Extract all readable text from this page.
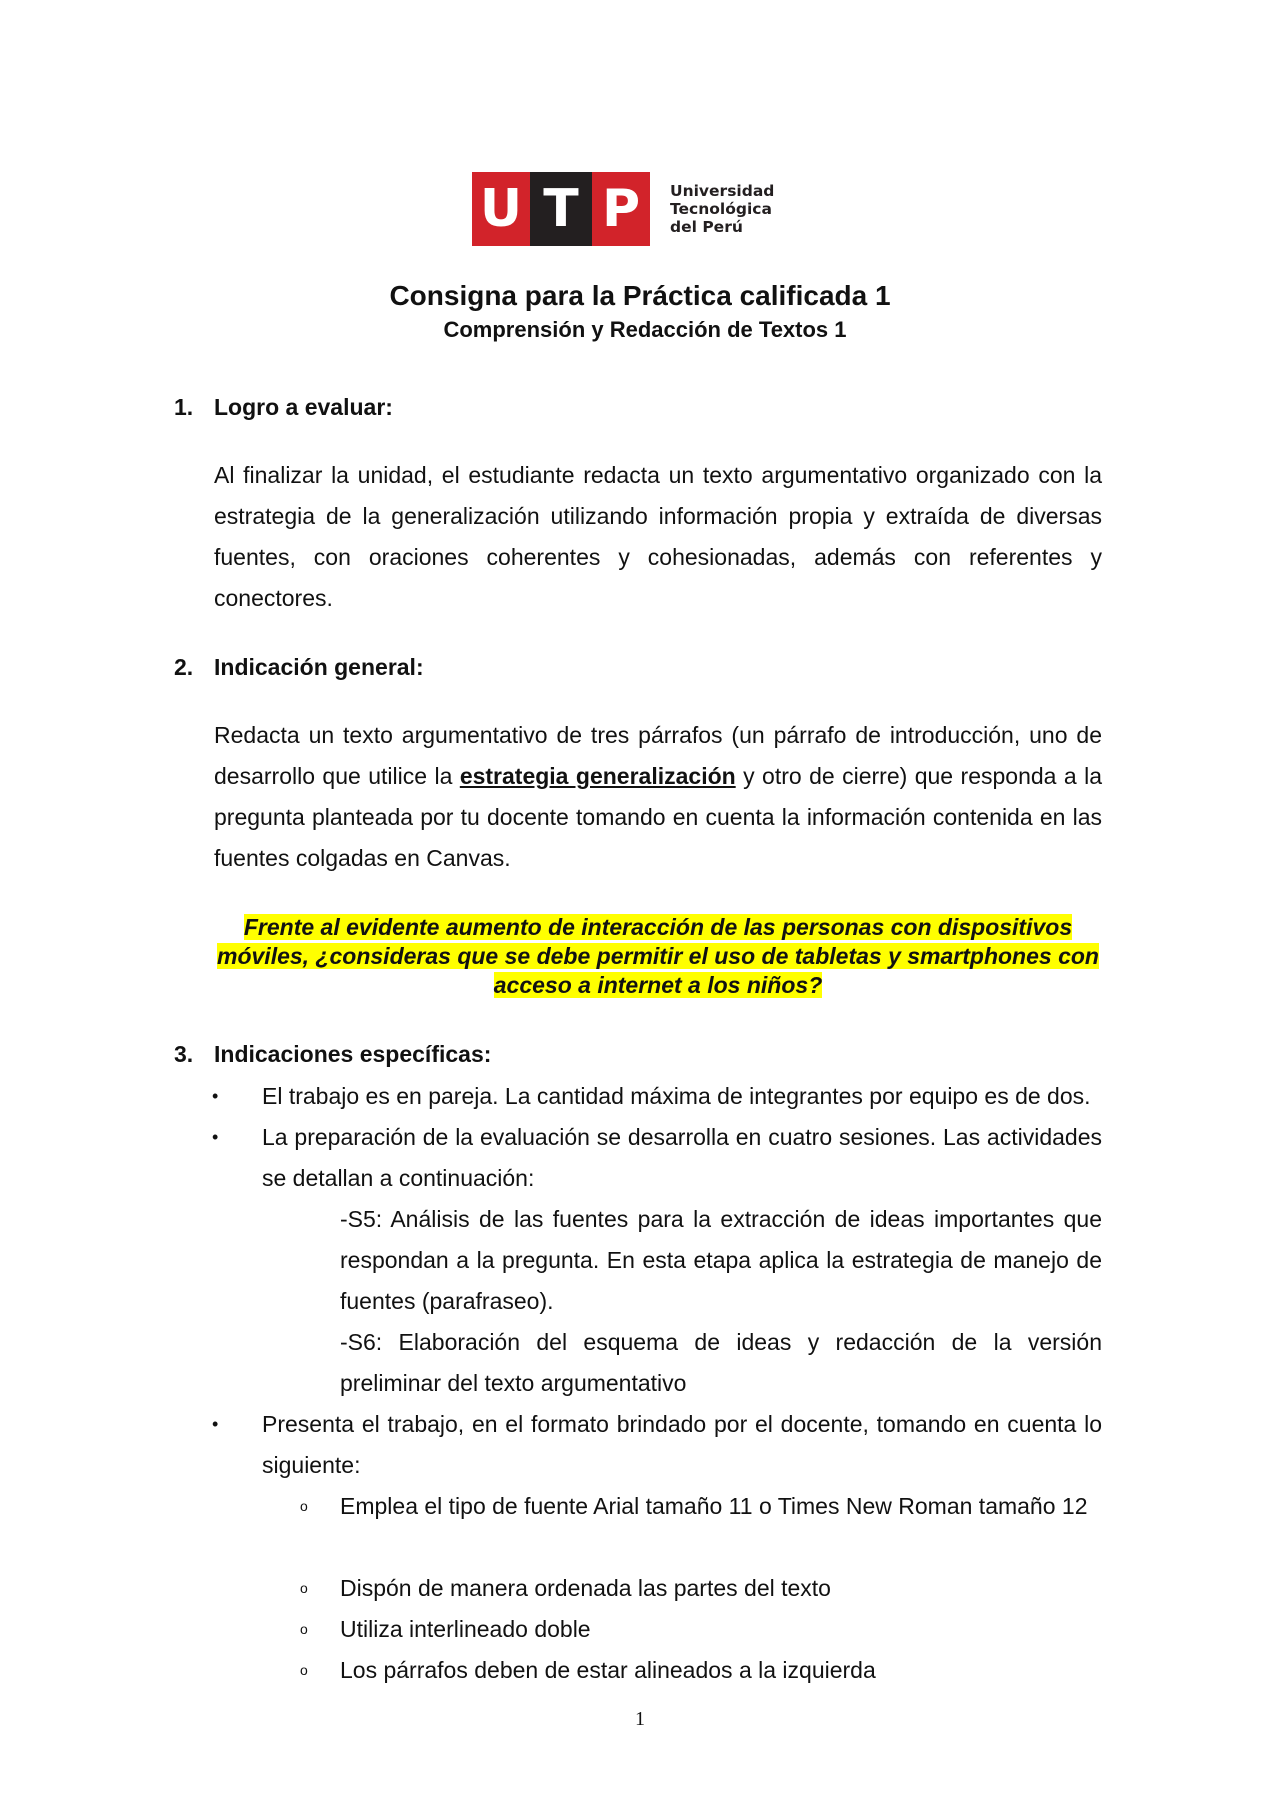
U T P	Universidad
Tecnológica
del Perú
Consigna para la Práctica calificada 1
Comprensión y Redacción de Textos 1
1. Logro a evaluar:
Al finalizar la unidad, el estudiante redacta un texto argumentativo organizado con la estrategia de la generalización utilizando información propia y extraída de diversas fuentes, con oraciones coherentes y cohesionadas, además con referentes y conectores.
2. Indicación general:
Redacta un texto argumentativo de tres párrafos (un párrafo de introducción, uno de desarrollo que utilice la estrategia generalización y otro de cierre) que responda a la pregunta planteada por tu docente tomando en cuenta la información contenida en las fuentes colgadas en Canvas.
Frente al evidente aumento de interacción de las personas con dispositivos móviles, ¿consideras que se debe permitir el uso de tabletas y smartphones con acceso a internet a los niños?
3. Indicaciones específicas:
• El trabajo es en pareja. La cantidad máxima de integrantes por equipo es de dos.
• La preparación de la evaluación se desarrolla en cuatro sesiones. Las actividades se detallan a continuación:
-S5: Análisis de las fuentes para la extracción de ideas importantes que respondan a la pregunta. En esta etapa aplica la estrategia de manejo de fuentes (parafraseo).
-S6: Elaboración del esquema de ideas y redacción de la versión preliminar del texto argumentativo
• Presenta el trabajo, en el formato brindado por el docente, tomando en cuenta lo siguiente:
o Emplea el tipo de fuente Arial tamaño 11 o Times New Roman tamaño 12
o Dispón de manera ordenada las partes del texto
o Utiliza interlineado doble
o Los párrafos deben de estar alineados a la izquierda
1
